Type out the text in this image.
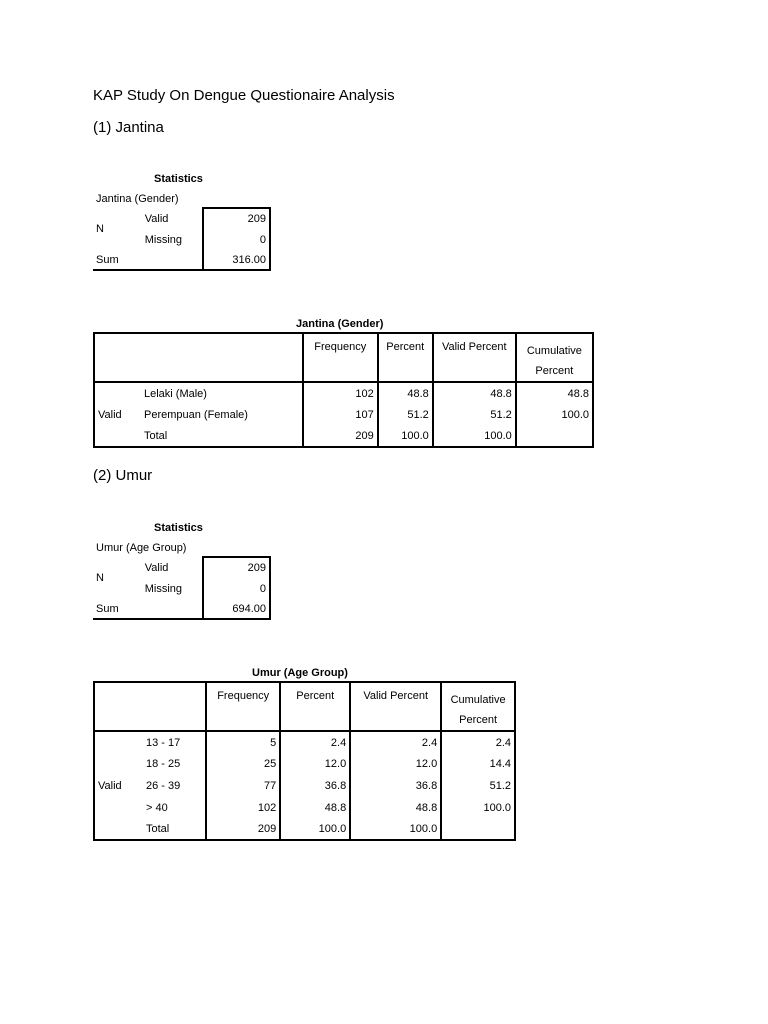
KAP Study On Dengue Questionaire Analysis
(1) Jantina
Statistics
Jantina (Gender)
N	Valid	209
	Missing	0
Sum		316.00
Jantina (Gender)
		Frequency	Percent	Valid Percent	Cumulative
Percent
Valid	Lelaki (Male)	102	48.8	48.8	48.8
	Perempuan (Female)	107	51.2	51.2	100.0
	Total	209	100.0	100.0	
(2) Umur
Statistics
Umur (Age Group)
N	Valid	209
	Missing	0
Sum		694.00
Umur (Age Group)
		Frequency	Percent	Valid Percent	Cumulative
Percent
Valid	13 - 17	5	2.4	2.4	2.4
	18 - 25	25	12.0	12.0	14.4
	26 - 39	77	36.8	36.8	51.2
	> 40	102	48.8	48.8	100.0
	Total	209	100.0	100.0	
